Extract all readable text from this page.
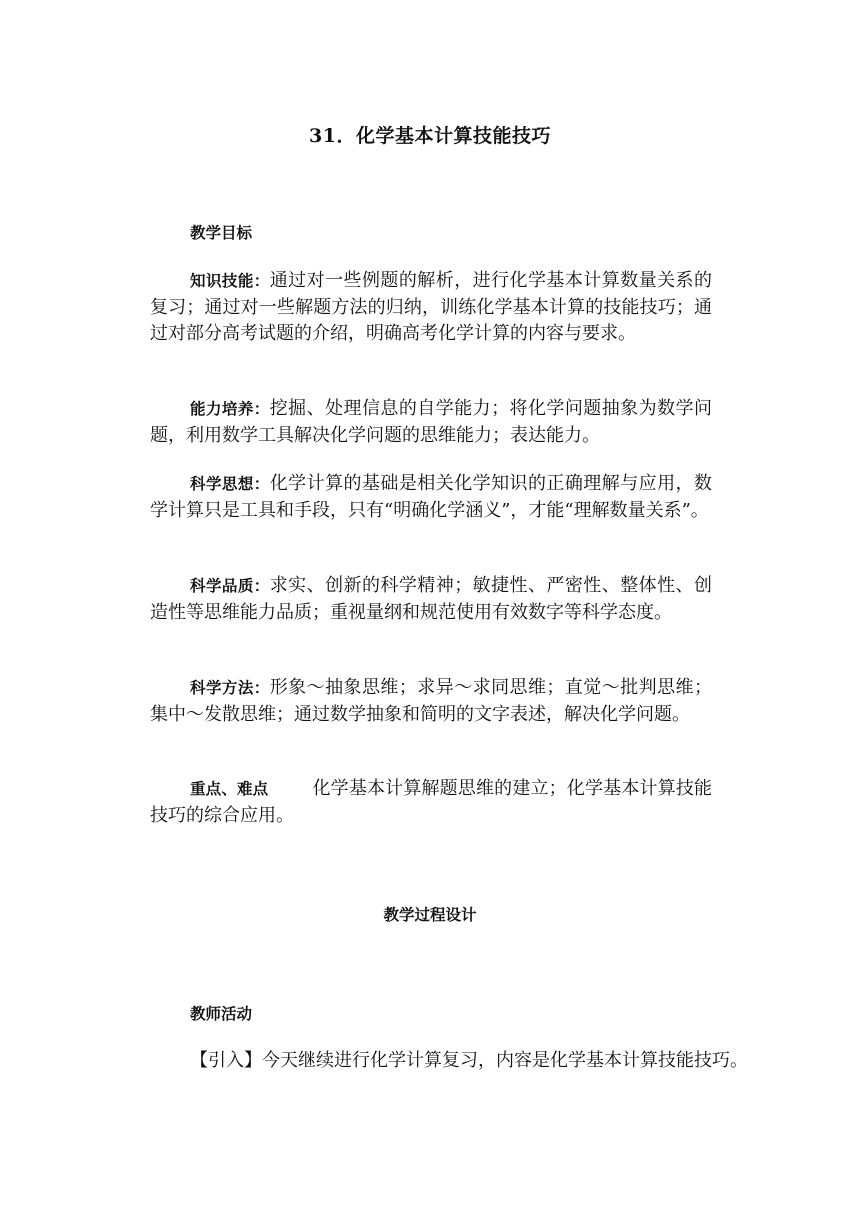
31．化学基本计算技能技巧
教学目标
知识技能：通过对一些例题的解析，进行化学基本计算数量关系的复习；通过对一些解题方法的归纳，训练化学基本计算的技能技巧；通过对部分高考试题的介绍，明确高考化学计算的内容与要求。
能力培养：挖掘、处理信息的自学能力；将化学问题抽象为数学问题，利用数学工具解决化学问题的思维能力；表达能力。
科学思想：化学计算的基础是相关化学知识的正确理解与应用，数学计算只是工具和手段，只有“明确化学涵义”，才能“理解数量关系”。
科学品质：求实、创新的科学精神；敏捷性、严密性、整体性、创造性等思维能力品质；重视量纲和规范使用有效数字等科学态度。
科学方法：形象～抽象思维；求异～求同思维；直觉～批判思维；集中～发散思维；通过数学抽象和简明的文字表述，解决化学问题。
重点、难点 化学基本计算解题思维的建立；化学基本计算技能技巧的综合应用。
教学过程设计
教师活动
【引入】今天继续进行化学计算复习，内容是化学基本计算技能技巧。
